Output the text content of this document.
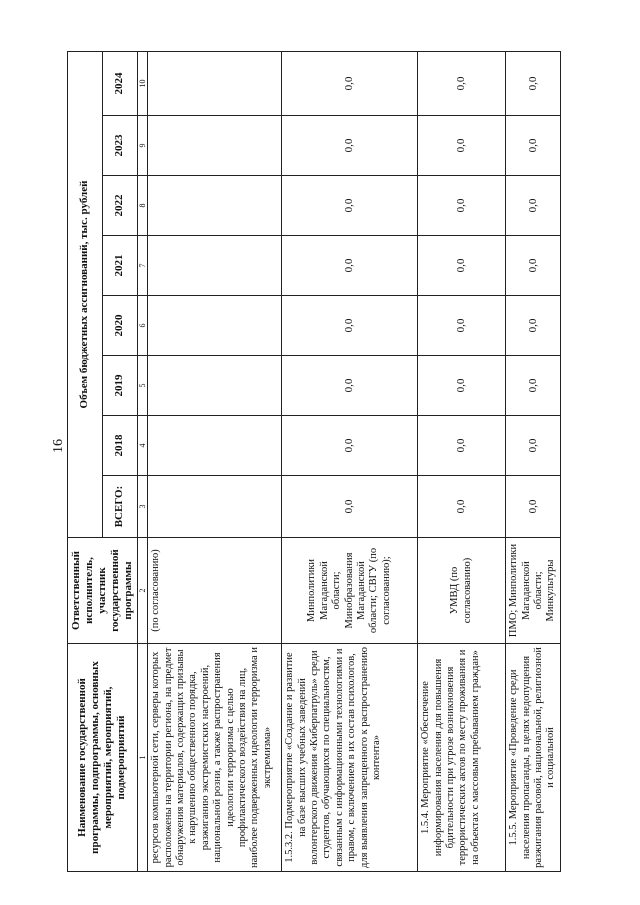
16
Наименование государственной программы, подпрограммы, основных мероприятий, мероприятий, подмероприятий	Ответственный исполнитель, участник государственной программы	Объем бюджетных ассигнований, тыс. рублей							
		ВСЕГО:	2018	2019	2020	2021	2022	2023	2024
1	2	3	4	5	6	7	8	9	10
ресурсов компьютерной сети, серверы которых расположены на территории региона, на предмет обнаружения материалов, содержащих призывы к нарушению общественного порядка, разжиганию экстремистских настроений, национальной розни, а также распространения идеологии терроризма с целью профилактического воздействия на лиц, наиболее подверженных идеологии терроризма и экстремизма»	(по согласованию)								
1.5.3.2. Подмероприятие «Создание и развитие на базе высших учебных заведений волонтерского движения «Киберпатруль» среди студентов, обучающихся по специальностям, связанным с информационными технологиями и правом, с включением в их состав психологов, для выявления запрещенного к распространению контента»	Минполитики Магаданской области; Минобразования Магаданской области; СВГУ (по согласованию);	0,0	0,0	0,0	0,0	0,0	0,0	0,0	0,0
1.5.4. Мероприятие «Обеспечение информирования населения для повышения бдительности при угрозе возникновения террористических актов по месту проживания и на объектах с массовым пребыванием граждан»	УМВД (по согласованию)	0,0	0,0	0,0	0,0	0,0	0,0	0,0	0,0
1.5.5. Мероприятие «Проведение среди населения пропаганды, в целях недопущения разжигания расовой, национальной, религиозной и социальной	ПМО; Минполитики Магаданской области; Минкультуры	0,0	0,0	0,0	0,0	0,0	0,0	0,0	0,0
